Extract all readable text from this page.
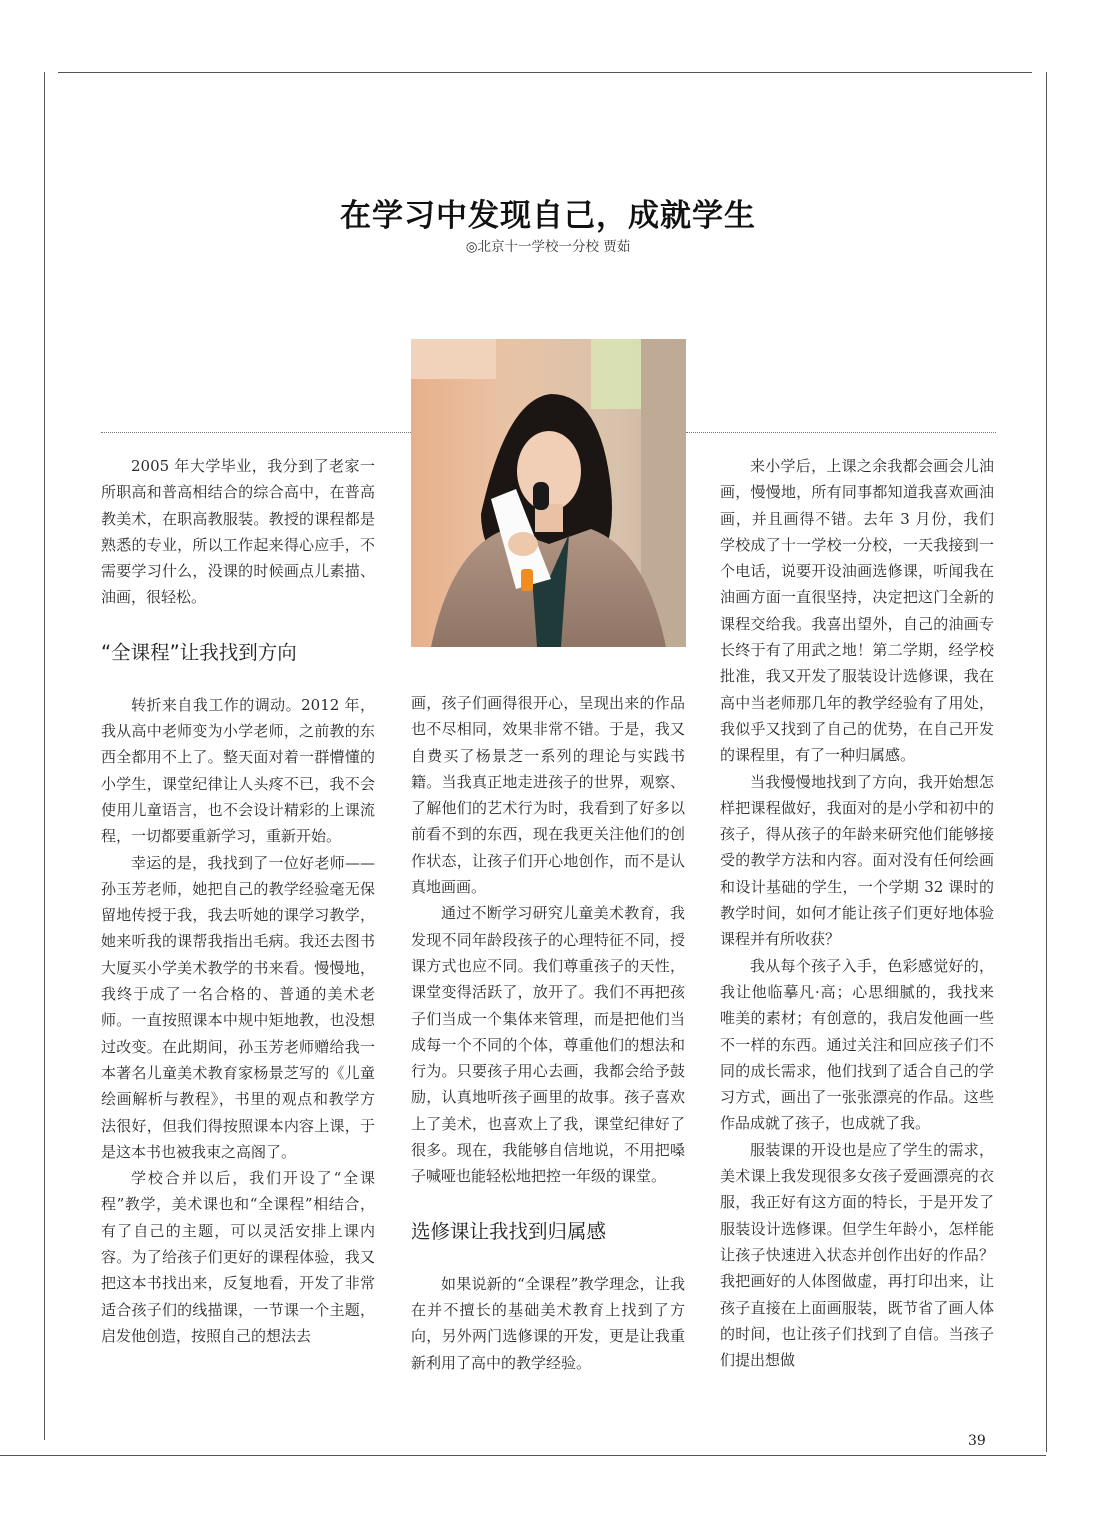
在学习中发现自己，成就学生
◎北京十一学校一分校 贾茹

2005 年大学毕业，我分到了老家一所职高和普高相结合的综合高中，在普高教美术，在职高教服装。教授的课程都是熟悉的专业，所以工作起来得心应手，不需要学习什么，没课的时候画点儿素描、油画，很轻松。

“全课程”让我找到方向

转折来自我工作的调动。2012 年，我从高中老师变为小学老师，之前教的东西全都用不上了。整天面对着一群懵懂的小学生，课堂纪律让人头疼不已，我不会使用儿童语言，也不会设计精彩的上课流程，一切都要重新学习，重新开始。

幸运的是，我找到了一位好老师——孙玉芳老师，她把自己的教学经验毫无保留地传授于我，我去听她的课学习教学，她来听我的课帮我指出毛病。我还去图书大厦买小学美术教学的书来看。慢慢地，我终于成了一名合格的、普通的美术老师。一直按照课本中规中矩地教，也没想过改变。在此期间，孙玉芳老师赠给我一本著名儿童美术教育家杨景芝写的《儿童绘画解析与教程》，书里的观点和教学方法很好，但我们得按照课本内容上课，于是这本书也被我束之高阁了。

学校合并以后，我们开设了“全课程”教学，美术课也和“全课程”相结合，有了自己的主题，可以灵活安排上课内容。为了给孩子们更好的课程体验，我又把这本书找出来，反复地看，开发了非常适合孩子们的线描课，一节课一个主题，启发他创造，按照自己的想法去

画，孩子们画得很开心，呈现出来的作品也不尽相同，效果非常不错。于是，我又自费买了杨景芝一系列的理论与实践书籍。当我真正地走进孩子的世界，观察、了解他们的艺术行为时，我看到了好多以前看不到的东西，现在我更关注他们的创作状态，让孩子们开心地创作，而不是认真地画画。

通过不断学习研究儿童美术教育，我发现不同年龄段孩子的心理特征不同，授课方式也应不同。我们尊重孩子的天性，课堂变得活跃了，放开了。我们不再把孩子们当成一个集体来管理，而是把他们当成每一个不同的个体，尊重他们的想法和行为。只要孩子用心去画，我都会给予鼓励，认真地听孩子画里的故事。孩子喜欢上了美术，也喜欢上了我，课堂纪律好了很多。现在，我能够自信地说，不用把嗓子喊哑也能轻松地把控一年级的课堂。

选修课让我找到归属感

如果说新的“全课程”教学理念，让我在并不擅长的基础美术教育上找到了方向，另外两门选修课的开发，更是让我重新利用了高中的教学经验。

来小学后，上课之余我都会画会儿油画，慢慢地，所有同事都知道我喜欢画油画，并且画得不错。去年 3 月份，我们学校成了十一学校一分校，一天我接到一个电话，说要开设油画选修课，听闻我在油画方面一直很坚持，决定把这门全新的课程交给我。我喜出望外，自己的油画专长终于有了用武之地！第二学期，经学校批准，我又开发了服装设计选修课，我在高中当老师那几年的教学经验有了用处，我似乎又找到了自己的优势，在自己开发的课程里，有了一种归属感。

当我慢慢地找到了方向，我开始想怎样把课程做好，我面对的是小学和初中的孩子，得从孩子的年龄来研究他们能够接受的教学方法和内容。面对没有任何绘画和设计基础的学生，一个学期 32 课时的教学时间，如何才能让孩子们更好地体验课程并有所收获？

我从每个孩子入手，色彩感觉好的，我让他临摹凡·高；心思细腻的，我找来唯美的素材；有创意的，我启发他画一些不一样的东西。通过关注和回应孩子们不同的成长需求，他们找到了适合自己的学习方式，画出了一张张漂亮的作品。这些作品成就了孩子，也成就了我。

服装课的开设也是应了学生的需求，美术课上我发现很多女孩子爱画漂亮的衣服，我正好有这方面的特长，于是开发了服装设计选修课。但学生年龄小，怎样能让孩子快速进入状态并创作出好的作品？我把画好的人体图做虚，再打印出来，让孩子直接在上面画服装，既节省了画人体的时间，也让孩子们找到了自信。当孩子们提出想做

39
